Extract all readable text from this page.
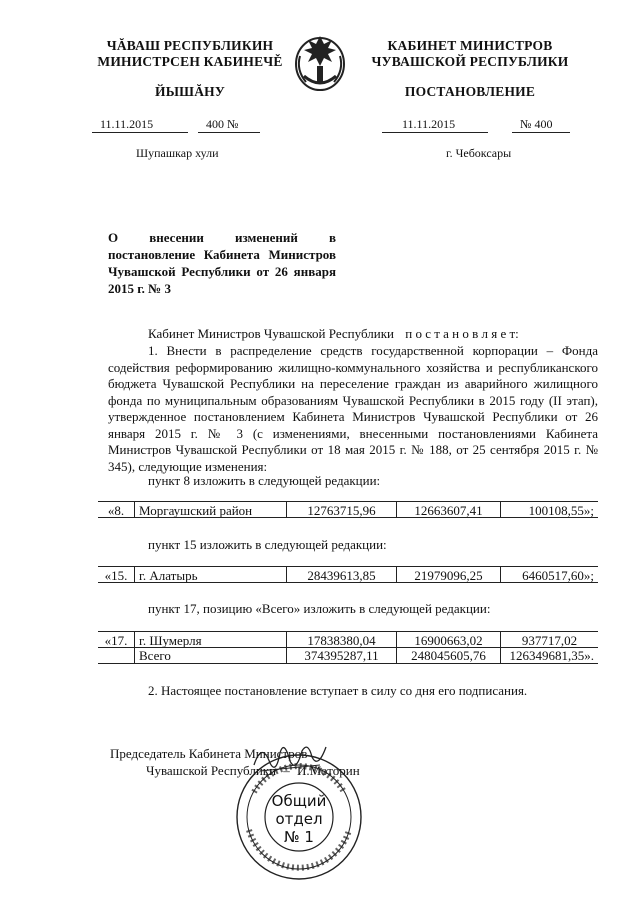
ЧĂВАШ РЕСПУБЛИКИН
МИНИСТРСЕН КАБИНЕЧĚ
ЙЫШĂНУ
КАБИНЕТ МИНИСТРОВ
ЧУВАШСКОЙ РЕСПУБЛИКИ
ПОСТАНОВЛЕНИЕ
11.11.2015	400 №	11.11.2015	№ 400
Шупашкар хули	г. Чебоксары
О внесении изменений в постановление Кабинета Министров Чувашской Республики от 26 января 2015 г. № 3
Кабинет Министров Чувашской Республики п о с т а н о в л я е т:
1. Внести в распределение средств государственной корпорации – Фонда содействия реформированию жилищно-коммунального хозяйства и республиканского бюджета Чувашской Республики на переселение граждан из аварийного жилищного фонда по муниципальным образованиям Чувашской Республики в 2015 году (II этап), утвержденное постановлением Кабинета Министров Чувашской Республики от 26 января 2015 г. № 3 (с изменениями, внесенными постановлениями Кабинета Министров Чувашской Республики от 18 мая 2015 г. № 188, от 25 сентября 2015 г. № 345), следующие изменения:
пункт 8 изложить в следующей редакции:
«8.	Моргаушский район	12763715,96	12663607,41	100108,55»;
пункт 15 изложить в следующей редакции:
«15. г. Алатырь	28439613,85	21979096,25	6460517,60»;
пункт 17, позицию «Всего» изложить в следующей редакции:
«17. г. Шумерля	17838380,04	16900663,02	937717,02
Всего	374395287,11	248045605,76	126349681,35».
2. Настоящее постановление вступает в силу со дня его подписания.
Председатель Кабинета Министров
Чувашской Республики – И.Моторин
Общий
отдел
№ 1
